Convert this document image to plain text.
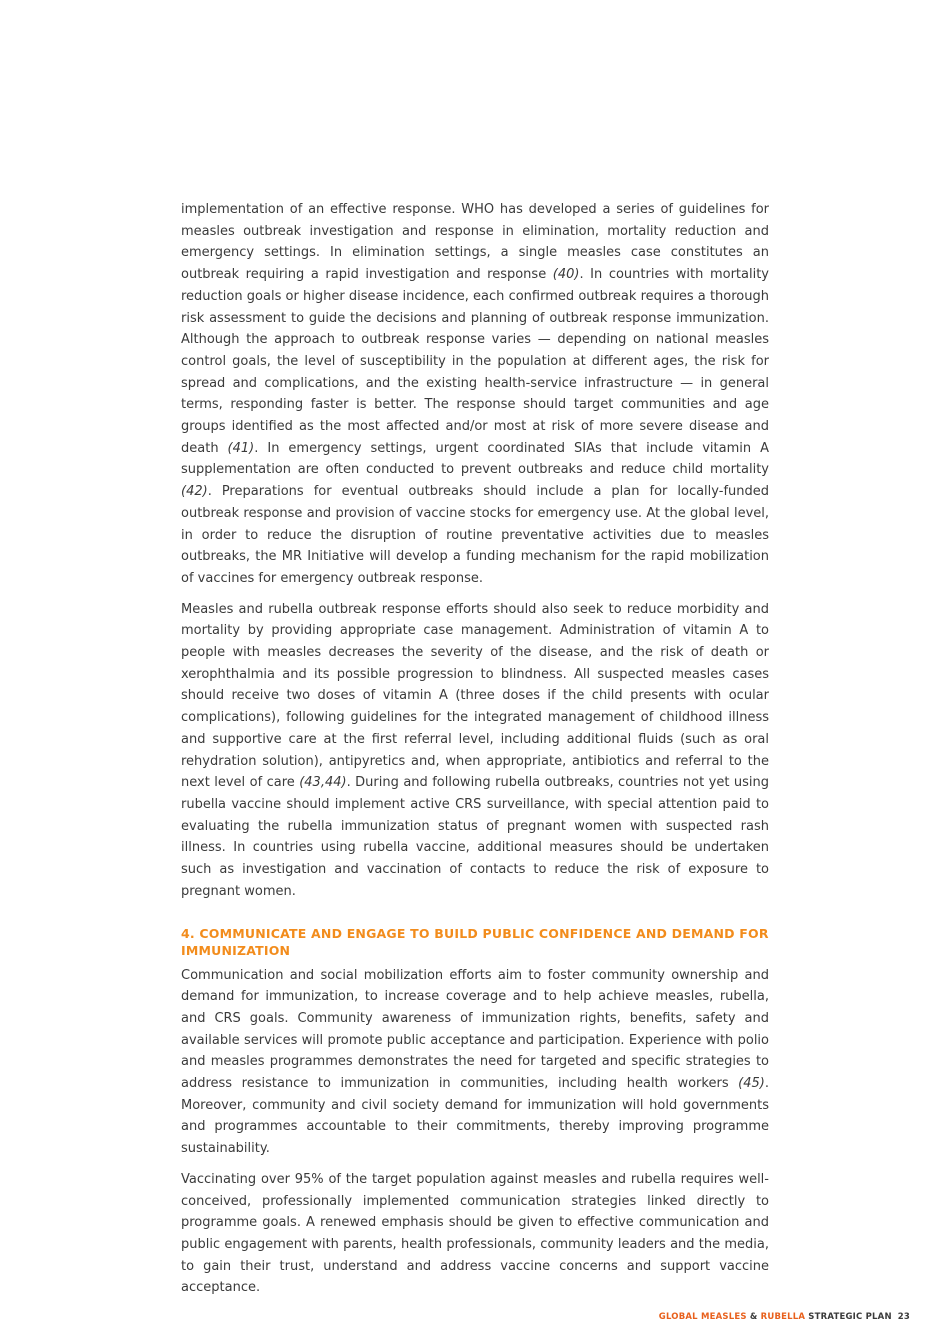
implementation of an effective response. WHO has developed a series of guidelines for measles outbreak investigation and response in elimination, mortality reduction and emergency settings. In elimination settings, a single measles case constitutes an outbreak requiring a rapid investigation and response (40). In countries with mortality reduction goals or higher disease incidence, each confirmed outbreak requires a thorough risk assessment to guide the decisions and planning of outbreak response immunization. Although the approach to outbreak response varies — depending on national measles control goals, the level of susceptibility in the population at different ages, the risk for spread and complications, and the existing health-service infrastructure — in general terms, responding faster is better. The response should target communities and age groups identified as the most affected and/or most at risk of more severe disease and death (41). In emergency settings, urgent coordinated SIAs that include vitamin A supplementation are often conducted to prevent outbreaks and reduce child mortality (42). Preparations for eventual outbreaks should include a plan for locally-funded outbreak response and provision of vaccine stocks for emergency use. At the global level, in order to reduce the disruption of routine preventative activities due to measles outbreaks, the MR Initiative will develop a funding mechanism for the rapid mobilization of vaccines for emergency outbreak response.

Measles and rubella outbreak response efforts should also seek to reduce morbidity and mortality by providing appropriate case management. Administration of vitamin A to people with measles decreases the severity of the disease, and the risk of death or xerophthalmia and its possible progression to blindness. All suspected measles cases should receive two doses of vitamin A (three doses if the child presents with ocular complications), following guidelines for the integrated management of childhood illness and supportive care at the first referral level, including additional fluids (such as oral rehydration solution), antipyretics and, when appropriate, antibiotics and referral to the next level of care (43,44). During and following rubella outbreaks, countries not yet using rubella vaccine should implement active CRS surveillance, with special attention paid to evaluating the rubella immunization status of pregnant women with suspected rash illness. In countries using rubella vaccine, additional measures should be undertaken such as investigation and vaccination of contacts to reduce the risk of exposure to pregnant women.

4. COMMUNICATE AND ENGAGE TO BUILD PUBLIC CONFIDENCE AND DEMAND FOR IMMUNIZATION

Communication and social mobilization efforts aim to foster community ownership and demand for immunization, to increase coverage and to help achieve measles, rubella, and CRS goals. Community awareness of immunization rights, benefits, safety and available services will promote public acceptance and participation. Experience with polio and measles programmes demonstrates the need for targeted and specific strategies to address resistance to immunization in communities, including health workers (45). Moreover, community and civil society demand for immunization will hold governments and programmes accountable to their commitments, thereby improving programme sustainability.

Vaccinating over 95% of the target population against measles and rubella requires well-conceived, professionally implemented communication strategies linked directly to programme goals. A renewed emphasis should be given to effective communication and public engagement with parents, health professionals, community leaders and the media, to gain their trust, understand and address vaccine concerns and support vaccine acceptance.

GLOBAL MEASLES & RUBELLA STRATEGIC PLAN 23
